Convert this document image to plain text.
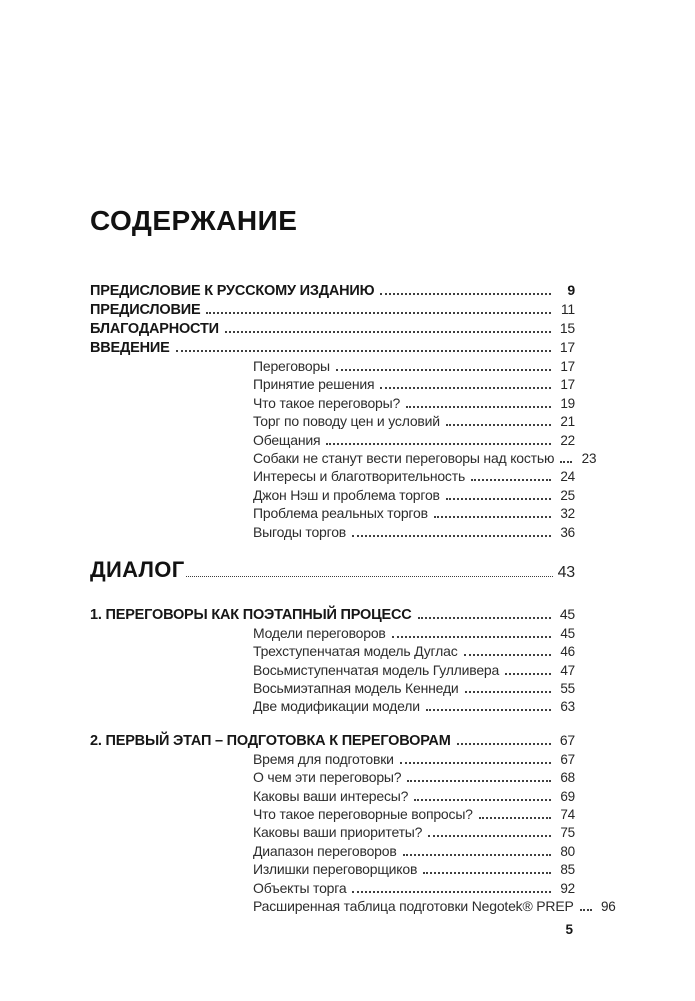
СОДЕРЖАНИЕ
ПРЕДИСЛОВИЕ К РУССКОМУ ИЗДАНИЮ	9
ПРЕДИСЛОВИЕ	11
БЛАГОДАРНОСТИ	15
ВВЕДЕНИЕ	17
Переговоры	17
Принятие решения	17
Что такое переговоры?	19
Торг по поводу цен и условий	21
Обещания	22
Собаки не станут вести переговоры над костью	23
Интересы и благотворительность	24
Джон Нэш и проблема торгов	25
Проблема реальных торгов	32
Выгоды торгов	36
ДИАЛОГ	43
1. ПЕРЕГОВОРЫ КАК ПОЭТАПНЫЙ ПРОЦЕСС	45
Модели переговоров	45
Трехступенчатая модель Дуглас	46
Восьмиступенчатая модель Гулливера	47
Восьмиэтапная модель Кеннеди	55
Две модификации модели	63
2. ПЕРВЫЙ ЭТАП – ПОДГОТОВКА К ПЕРЕГОВОРАМ	67
Время для подготовки	67
О чем эти переговоры?	68
Каковы ваши интересы?	69
Что такое переговорные вопросы?	74
Каковы ваши приоритеты?	75
Диапазон переговоров	80
Излишки переговорщиков	85
Объекты торга	92
Расширенная таблица подготовки Negotek® PREP	96
5
